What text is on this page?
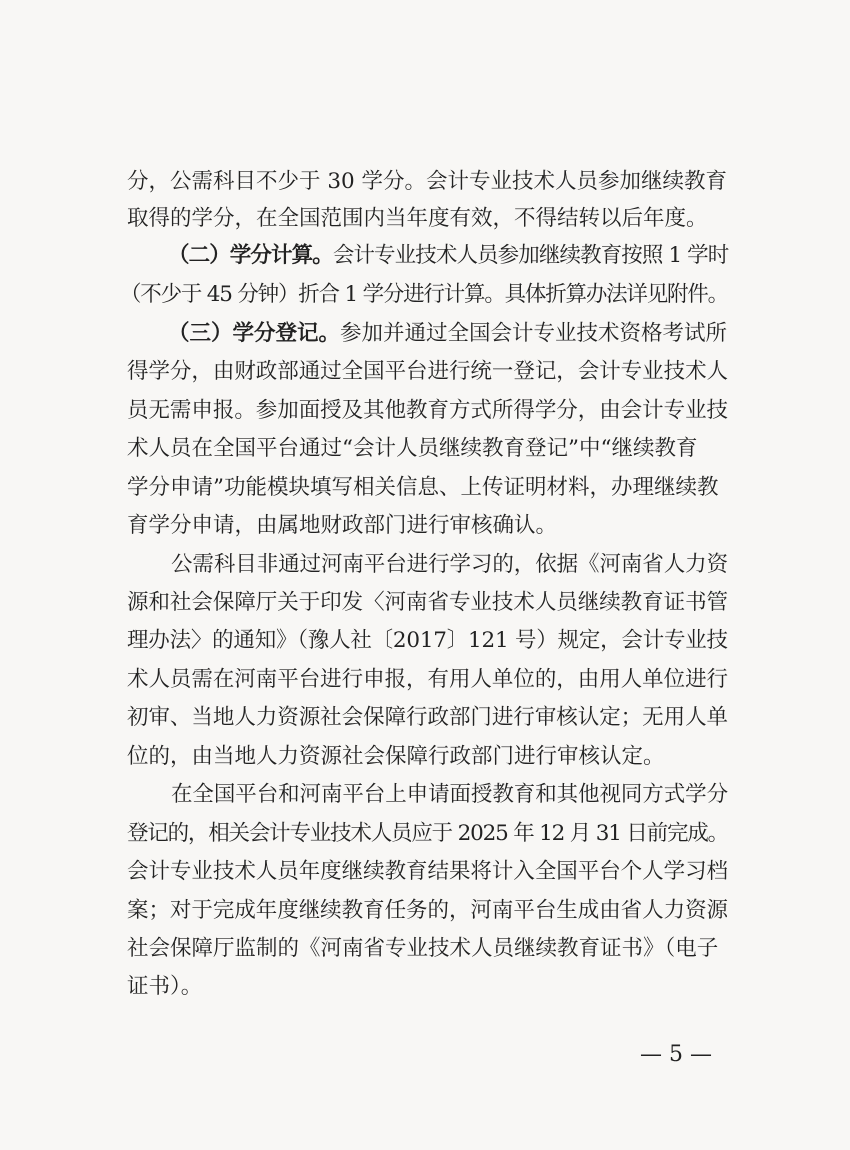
分，公需科目不少于 30 学分。会计专业技术人员参加继续教育
取得的学分，在全国范围内当年度有效，不得结转以后年度。
（二）学分计算。会计专业技术人员参加继续教育按照 1 学时
（不少于 45 分钟）折合 1 学分进行计算。具体折算办法详见附件。
（三）学分登记。参加并通过全国会计专业技术资格考试所
得学分，由财政部通过全国平台进行统一登记，会计专业技术人
员无需申报。参加面授及其他教育方式所得学分，由会计专业技
术人员在全国平台通过“会计人员继续教育登记”中“继续教育
学分申请”功能模块填写相关信息、上传证明材料，办理继续教
育学分申请，由属地财政部门进行审核确认。
公需科目非通过河南平台进行学习的，依据《河南省人力资
源和社会保障厅关于印发〈河南省专业技术人员继续教育证书管
理办法〉的通知》（豫人社〔2017〕121 号）规定，会计专业技
术人员需在河南平台进行申报，有用人单位的，由用人单位进行
初审、当地人力资源社会保障行政部门进行审核认定；无用人单
位的，由当地人力资源社会保障行政部门进行审核认定。
在全国平台和河南平台上申请面授教育和其他视同方式学分
登记的，相关会计专业技术人员应于 2025 年 12 月 31 日前完成。
会计专业技术人员年度继续教育结果将计入全国平台个人学习档
案；对于完成年度继续教育任务的，河南平台生成由省人力资源
社会保障厅监制的《河南省专业技术人员继续教育证书》（电子
证书）。
— 5 —
